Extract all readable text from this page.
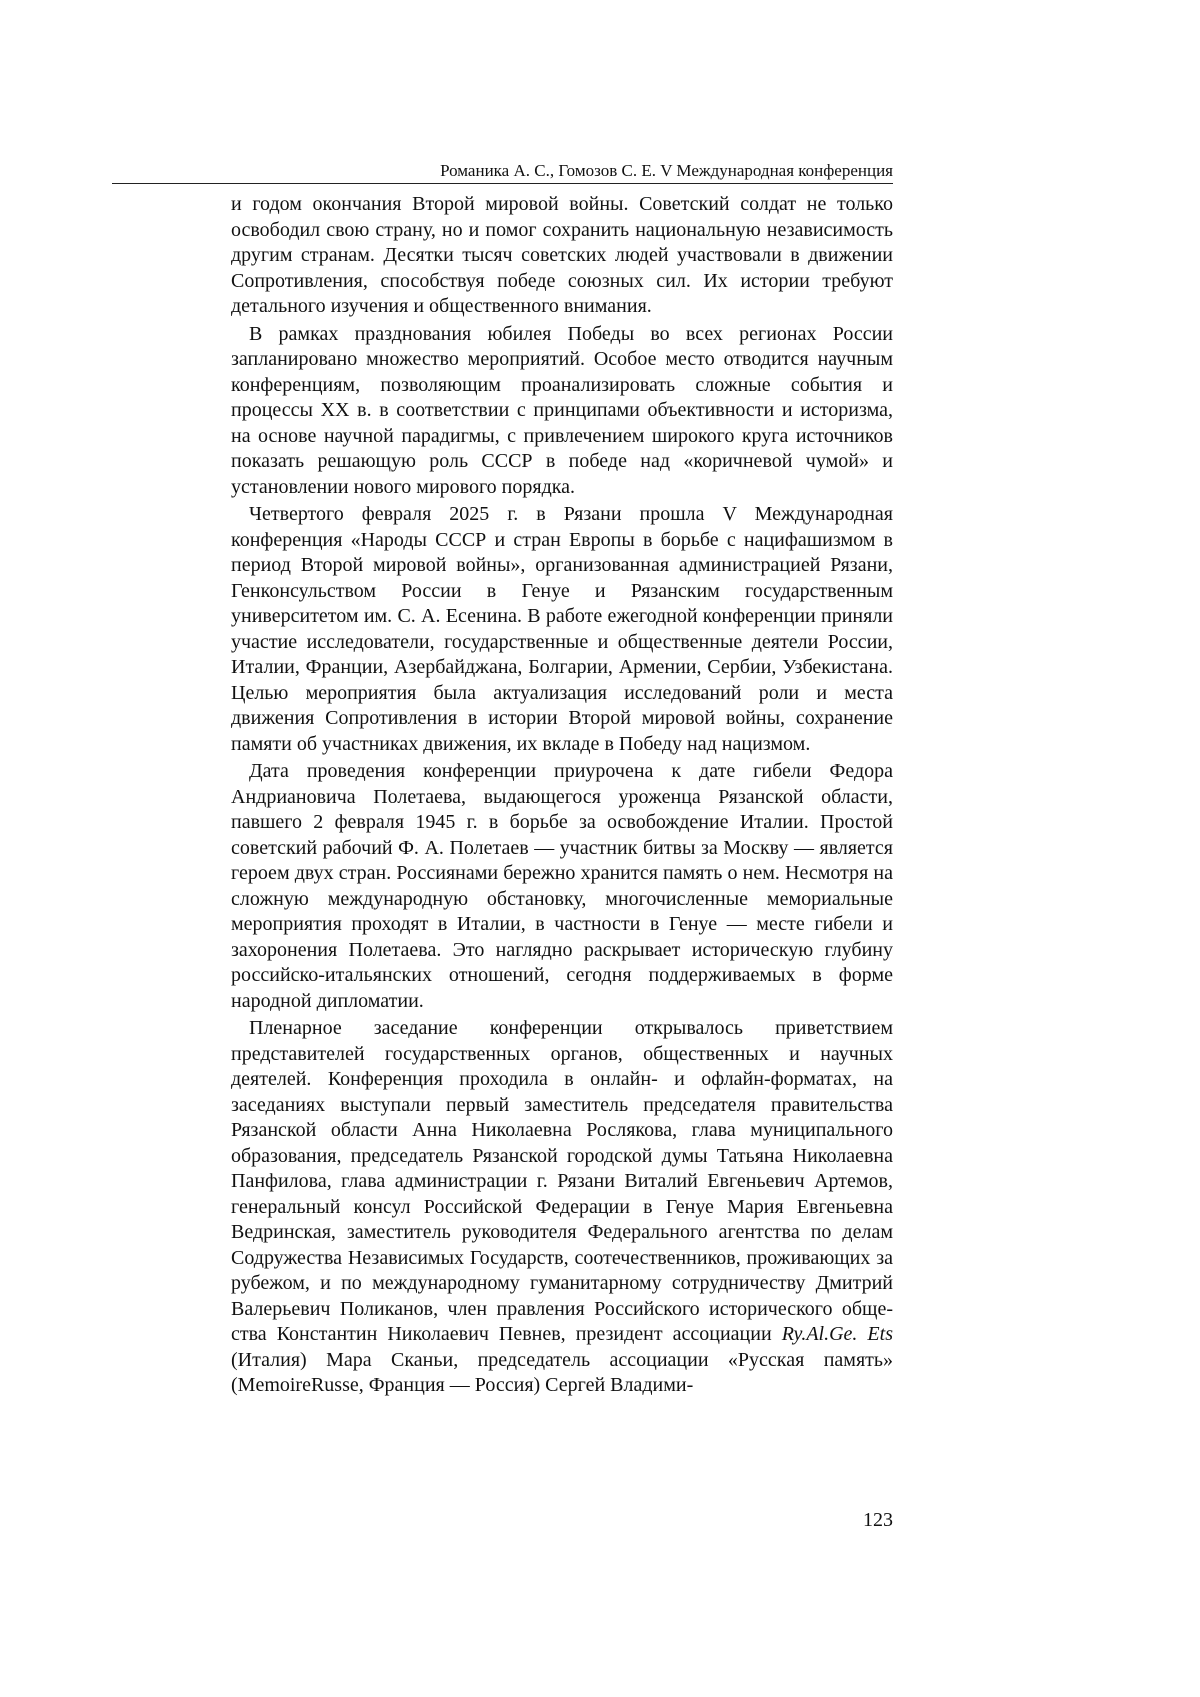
Романика А. С., Гомозов С. Е. V Международная конференция

и годом окончания Второй мировой войны. Советский солдат не только освободил свою страну, но и помог сохранить национальную независимость другим странам. Десятки тысяч советских людей участвовали в движении Сопротивления, способствуя победе союзных сил. Их истории требуют детального изучения и общественного внимания.

В рамках празднования юбилея Победы во всех регионах России запланировано множество мероприятий. Особое место отводится научным конференциям, позволяющим проанализировать сложные события и процессы XX в. в соответствии с принципами объективности и историзма, на основе научной парадигмы, с привлечением широкого круга источников показать решающую роль СССР в победе над «коричневой чумой» и установлении нового мирового порядка.

Четвертого февраля 2025 г. в Рязани прошла V Международная конференция «Народы СССР и стран Европы в борьбе с нацифашизмом в период Второй мировой войны», организованная администрацией Рязани, Генконсульством России в Генуе и Рязанским государственным университетом им. С. А. Есенина. В работе ежегодной конференции приняли участие исследователи, государственные и общественные деятели России, Италии, Франции, Азербайджана, Болгарии, Армении, Сербии, Узбекистана. Целью мероприятия была актуализация исследований роли и места движения Сопротивления в истории Второй мировой войны, сохранение памяти об участниках движения, их вкладе в Победу над нацизмом.

Дата проведения конференции приурочена к дате гибели Федора Андриановича Полетаева, выдающегося уроженца Рязанской области, павшего 2 февраля 1945 г. в борьбе за освобождение Италии. Простой советский рабочий Ф. А. Полетаев — участник битвы за Москву — является героем двух стран. Россиянами бережно хранится память о нем. Несмотря на сложную международную обстановку, многочисленные мемориальные мероприятия проходят в Италии, в частности в Генуе — месте гибели и захоронения Полетаева. Это наглядно раскрывает историческую глубину российско-итальянских отношений, сегодня поддерживаемых в форме народной дипломатии.

Пленарное заседание конференции открывалось приветствием представителей государственных органов, общественных и научных деятелей. Конференция проходила в онлайн- и офлайн-форматах, на заседаниях выступали первый заместитель председателя правительства Рязанской области Анна Николаевна Рослякова, глава муниципального образования, председатель Рязанской городской думы Татьяна Николаевна Панфилова, глава администрации г. Рязани Виталий Евгеньевич Артемов, генеральный консул Российской Федерации в Генуе Мария Евгеньевна Ведринская, заместитель руководителя Федерального агентства по делам Содружества Независимых Государств, соотечественников, проживающих за рубежом, и по международному гуманитарному сотрудничеству Дмитрий Валерьевич Поликанов, член правления Российского исторического общества Константин Николаевич Певнев, президент ассоциации Ry.Al.Ge. Ets (Италия) Мара Сканьи, председатель ассоциации «Русская память» (MemoireRusse, Франция — Россия) Сергей Владими-

123
